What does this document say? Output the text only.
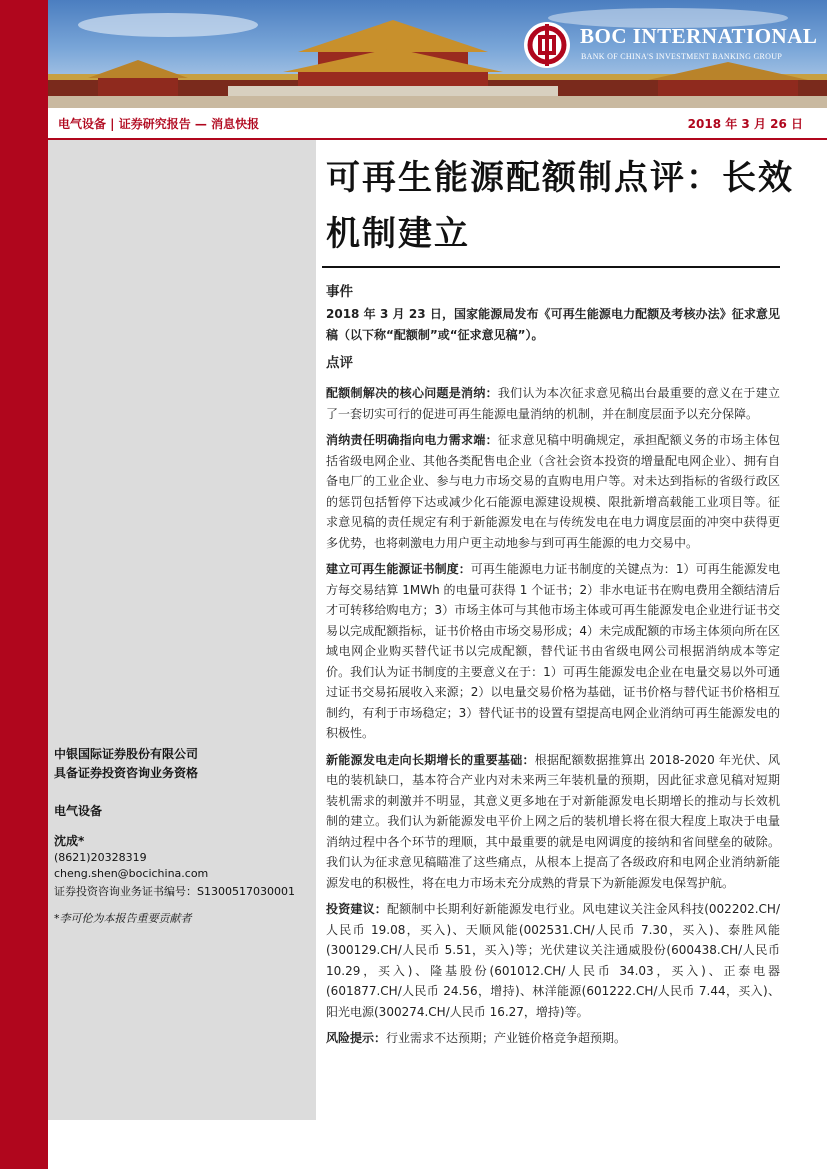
BOC INTERNATIONAL
BANK OF CHINA'S INVESTMENT BANKING GROUP
电气设备 | 证券研究报告 — 消息快报	2018 年 3 月 26 日
中银国际证券股份有限公司
具备证券投资咨询业务资格
电气设备
沈成*
(8621)20328319
cheng.shen@bocichina.com
证券投资咨询业务证书编号：S1300517030001
*李可伦为本报告重要贡献者
可再生能源配额制点评：长效机制建立
事件

2018 年 3 月 23 日，国家能源局发布《可再生能源电力配额及考核办法》征求意见稿（以下称“配额制”或“征求意见稿”）。

点评

配额制解决的核心问题是消纳：我们认为本次征求意见稿出台最重要的意义在于建立了一套切实可行的促进可再生能源电量消纳的机制，并在制度层面予以充分保障。

消纳责任明确指向电力需求端：征求意见稿中明确规定，承担配额义务的市场主体包括省级电网企业、其他各类配售电企业（含社会资本投资的增量配电网企业）、拥有自备电厂的工业企业、参与电力市场交易的直购电用户等。对未达到指标的省级行政区的惩罚包括暂停下达或减少化石能源电源建设规模、限批新增高载能工业项目等。征求意见稿的责任规定有利于新能源发电在与传统发电在电力调度层面的冲突中获得更多优势，也将刺激电力用户更主动地参与到可再生能源的电力交易中。

建立可再生能源证书制度：可再生能源电力证书制度的关键点为：1）可再生能源发电方每交易结算 1MWh 的电量可获得 1 个证书；2）非水电证书在购电费用全额结清后才可转移给购电方；3）市场主体可与其他市场主体或可再生能源发电企业进行证书交易以完成配额指标，证书价格由市场交易形成；4）未完成配额的市场主体须向所在区域电网企业购买替代证书以完成配额，替代证书由省级电网公司根据消纳成本等定价。我们认为证书制度的主要意义在于：1）可再生能源发电企业在电量交易以外可通过证书交易拓展收入来源；2）以电量交易价格为基础，证书价格与替代证书价格相互制约，有利于市场稳定；3）替代证书的设置有望提高电网企业消纳可再生能源发电的积极性。

新能源发电走向长期增长的重要基础：根据配额数据推算出 2018-2020 年光伏、风电的装机缺口，基本符合产业内对未来两三年装机量的预期，因此征求意见稿对短期装机需求的刺激并不明显，其意义更多地在于对新能源发电长期增长的推动与长效机制的建立。我们认为新能源发电平价上网之后的装机增长将在很大程度上取决于电量消纳过程中各个环节的理顺，其中最重要的就是电网调度的接纳和省间壁垒的破除。我们认为征求意见稿瞄准了这些痛点，从根本上提高了各级政府和电网企业消纳新能源发电的积极性，将在电力市场未充分成熟的背景下为新能源发电保驾护航。

投资建议：配额制中长期利好新能源发电行业。风电建议关注金风科技(002202.CH/人民币 19.08，买入)、天顺风能(002531.CH/人民币 7.30，买入)、泰胜风能(300129.CH/人民币 5.51，买入)等；光伏建议关注通威股份(600438.CH/人民币 10.29，买入)、隆基股份(601012.CH/人民币 34.03，买入)、正泰电器(601877.CH/人民币 24.56，增持)、林洋能源(601222.CH/人民币 7.44，买入)、阳光电源(300274.CH/人民币 16.27，增持)等。

风险提示：行业需求不达预期；产业链价格竞争超预期。
